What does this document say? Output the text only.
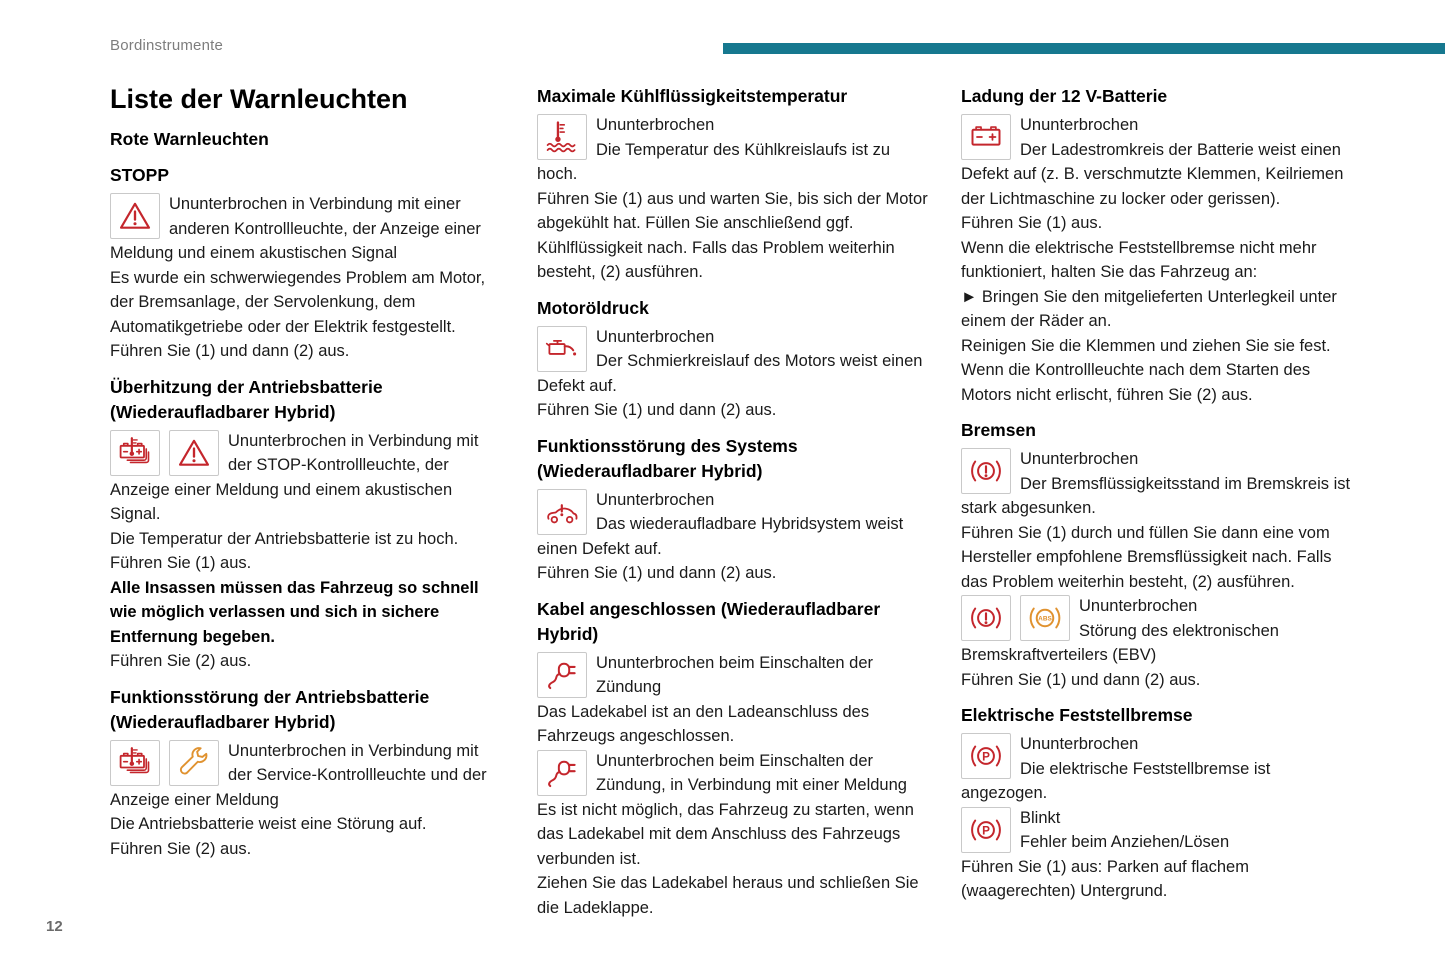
Bordinstrumente
Liste der Warnleuchten
Rote Warnleuchten
STOPP

Ununterbrochen in Verbindung mit einer anderen Kontrollleuchte, der Anzeige einer Meldung und einem akustischen Signal

Es wurde ein schwerwiegendes Problem am Motor, der Bremsanlage, der Servolenkung, dem Automatikgetriebe oder der Elektrik festgestellt.

Führen Sie (1) und dann (2) aus.

Überhitzung der Antriebsbatterie (Wiederaufladbarer Hybrid)

Ununterbrochen in Verbindung mit der STOP-Kontrollleuchte, der Anzeige einer Meldung und einem akustischen Signal.

Die Temperatur der Antriebsbatterie ist zu hoch.

Führen Sie (1) aus.

Alle Insassen müssen das Fahrzeug so schnell wie möglich verlassen und sich in sichere Entfernung begeben.

Führen Sie (2) aus.

Funktionsstörung der Antriebsbatterie (Wiederaufladbarer Hybrid)

Ununterbrochen in Verbindung mit der Service-Kontrollleuchte und der Anzeige einer Meldung

Die Antriebsbatterie weist eine Störung auf.

Führen Sie (2) aus.

Maximale Kühlflüssigkeitstemperatur

Ununterbrochen

Die Temperatur des Kühlkreislaufs ist zu hoch.

Führen Sie (1) aus und warten Sie, bis sich der Motor abgekühlt hat. Füllen Sie anschließend ggf. Kühlflüssigkeit nach. Falls das Problem weiterhin besteht, (2) ausführen.

Motoröldruck

Ununterbrochen

Der Schmierkreislauf des Motors weist einen Defekt auf.

Führen Sie (1) und dann (2) aus.

Funktionsstörung des Systems (Wiederaufladbarer Hybrid)

Ununterbrochen

Das wiederaufladbare Hybridsystem weist einen Defekt auf.

Führen Sie (1) und dann (2) aus.

Kabel angeschlossen (Wiederaufladbarer Hybrid)

Ununterbrochen beim Einschalten der Zündung

Das Ladekabel ist an den Ladeanschluss des Fahrzeugs angeschlossen.

Ununterbrochen beim Einschalten der Zündung, in Verbindung mit einer Meldung

Es ist nicht möglich, das Fahrzeug zu starten, wenn das Ladekabel mit dem Anschluss des Fahrzeugs verbunden ist.

Ziehen Sie das Ladekabel heraus und schließen Sie die Ladeklappe.

Ladung der 12 V-Batterie

Ununterbrochen

Der Ladestromkreis der Batterie weist einen Defekt auf (z. B. verschmutzte Klemmen, Keilriemen der Lichtmaschine zu locker oder gerissen).

Führen Sie (1) aus.

Wenn die elektrische Feststellbremse nicht mehr funktioniert, halten Sie das Fahrzeug an:

► Bringen Sie den mitgelieferten Unterlegkeil unter einem der Räder an.

Reinigen Sie die Klemmen und ziehen Sie sie fest.

Wenn die Kontrollleuchte nach dem Starten des Motors nicht erlischt, führen Sie (2) aus.

Bremsen

Ununterbrochen

Der Bremsflüssigkeitsstand im Bremskreis ist stark abgesunken.

Führen Sie (1) durch und füllen Sie dann eine vom Hersteller empfohlene Bremsflüssigkeit nach. Falls das Problem weiterhin besteht, (2) ausführen.

ABS

Ununterbrochen

Störung des elektronischen Bremskraftverteilers (EBV)

Führen Sie (1) und dann (2) aus.

Elektrische Feststellbremse
P

Ununterbrochen

Die elektrische Feststellbremse ist angezogen.

P

Blinkt

Fehler beim Anziehen/Lösen

Führen Sie (1) aus: Parken auf flachem (waagerechten) Untergrund.

12
